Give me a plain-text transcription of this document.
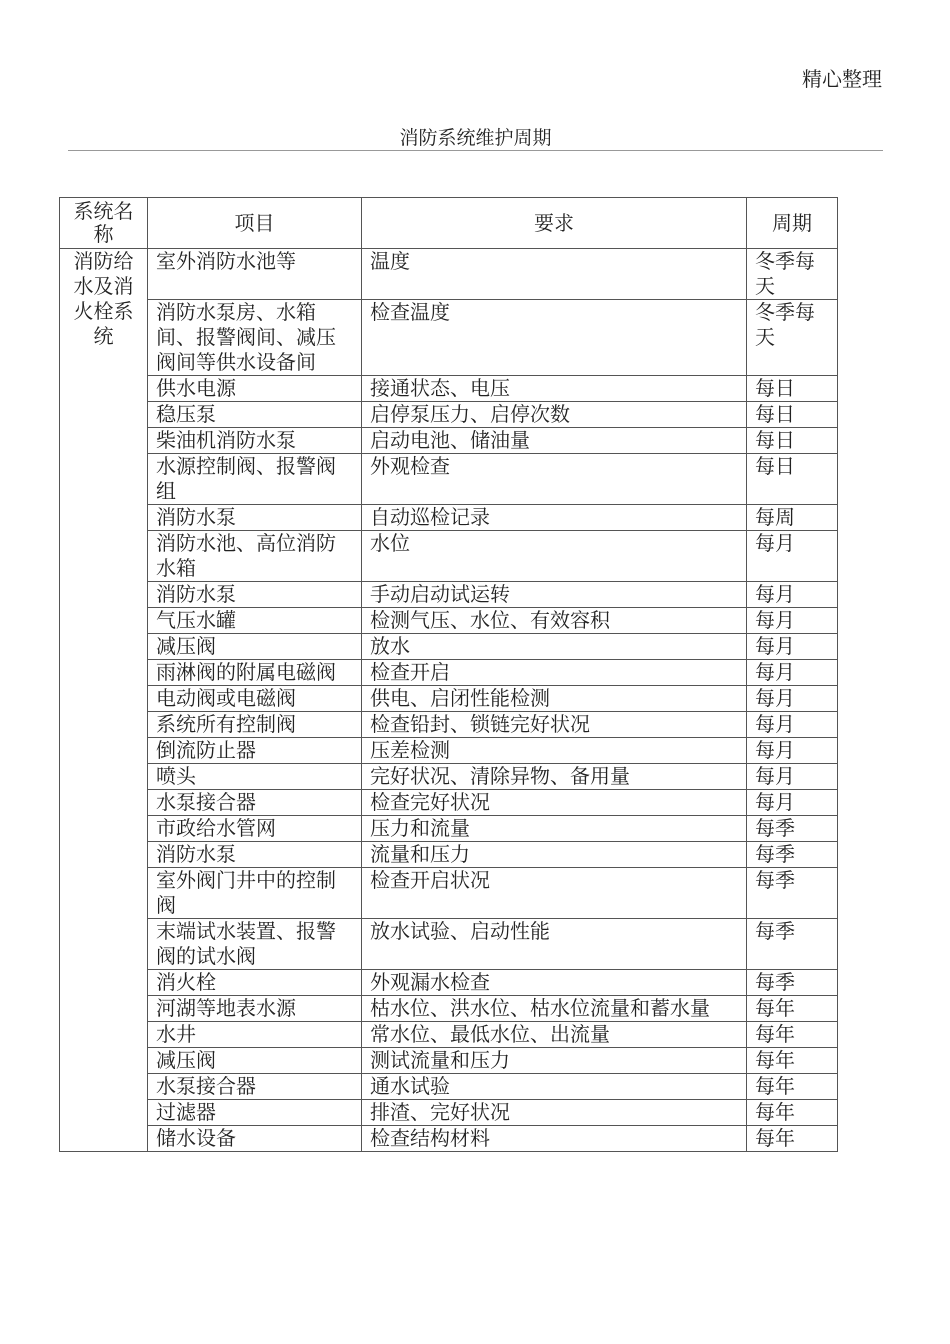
精心整理
消防系统维护周期
系统名称	项目	要求	周期
消防给水及消火栓系统	室外消防水池等	温度	冬季每天
	消防水泵房、水箱间、报警阀间、减压阀间等供水设备间	检查温度	冬季每天
	供水电源	接通状态、电压	每日
	稳压泵	启停泵压力、启停次数	每日
	柴油机消防水泵	启动电池、储油量	每日
	水源控制阀、报警阀组	外观检查	每日
	消防水泵	自动巡检记录	每周
	消防水池、高位消防水箱	水位	每月
	消防水泵	手动启动试运转	每月
	气压水罐	检测气压、水位、有效容积	每月
	减压阀	放水	每月
	雨淋阀的附属电磁阀	检查开启	每月
	电动阀或电磁阀	供电、启闭性能检测	每月
	系统所有控制阀	检查铅封、锁链完好状况	每月
	倒流防止器	压差检测	每月
	喷头	完好状况、清除异物、备用量	每月
	水泵接合器	检查完好状况	每月
	市政给水管网	压力和流量	每季
	消防水泵	流量和压力	每季
	室外阀门井中的控制阀	检查开启状况	每季
	末端试水装置、报警阀的试水阀	放水试验、启动性能	每季
	消火栓	外观漏水检查	每季
	河湖等地表水源	枯水位、洪水位、枯水位流量和蓄水量	每年
	水井	常水位、最低水位、出流量	每年
	减压阀	测试流量和压力	每年
	水泵接合器	通水试验	每年
	过滤器	排渣、完好状况	每年
	储水设备	检查结构材料	每年
